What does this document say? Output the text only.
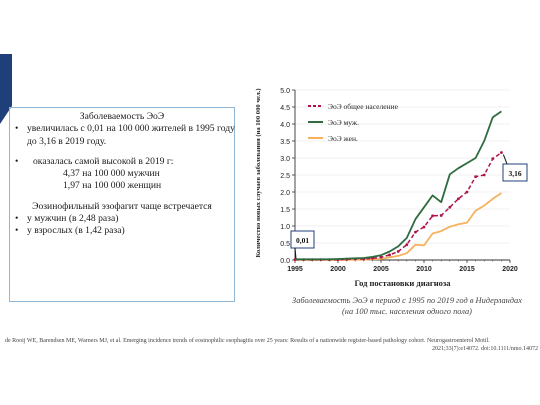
Заболеваемость ЭоЭ
• увеличилась с 0,01 на 100 000 жителей в 1995 году
до 3,16 в 2019 году.
• оказалась самой высокой в 2019 г:
4,37 на 100 000 мужчин
1,97 на 100 000 женщин
Эозинофильный эзофагит чаще встречается
• у мужчин (в 2,48 раза)
• у взрослых (в 1,42 раза)
0.0
0.5
1.0
1.5
2.0
2.5
3.0
3.5
4.0
4.5
5.0
1995	2000	2005	2010	2015	2020
ЭоЭ общее население
ЭоЭ муж.
ЭоЭ жен.
0,01
3,16
Год постановки диагноза
Количество новых случаев заболевания (на 100 000 чел.)
Заболеваемость ЭоЭ в период с 1995 по 2019 год в Нидерландах
(на 100 тыс. населения одного пола)
de Rooij WE, Barendsen ME, Warners MJ, et al. Emerging incidence trends of eosinophilic esophagitis over 25 years: Results of a nationwide register-based pathology cohort. Neurogastroenterol Motil.
2021;33(7):e14072. doi:10.1111/nmo.14072
